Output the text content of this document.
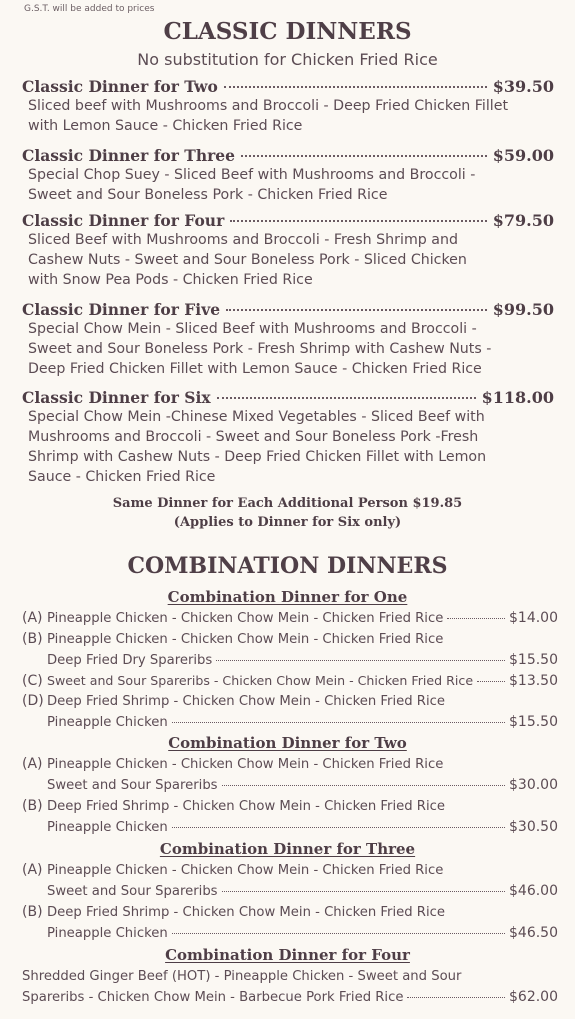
G.S.T. will be added to prices
CLASSIC DINNERS
No substitution for Chicken Fried Rice
Classic Dinner for Two	$39.50
Sliced beef with Mushrooms and Broccoli - Deep Fried Chicken Fillet
with Lemon Sauce - Chicken Fried Rice
Classic Dinner for Three	$59.00
Special Chop Suey - Sliced Beef with Mushrooms and Broccoli -
Sweet and Sour Boneless Pork - Chicken Fried Rice
Classic Dinner for Four	$79.50
Sliced Beef with Mushrooms and Broccoli - Fresh Shrimp and
Cashew Nuts - Sweet and Sour Boneless Pork - Sliced Chicken
with Snow Pea Pods - Chicken Fried Rice
Classic Dinner for Five	$99.50
Special Chow Mein - Sliced Beef with Mushrooms and Broccoli -
Sweet and Sour Boneless Pork - Fresh Shrimp with Cashew Nuts -
Deep Fried Chicken Fillet with Lemon Sauce - Chicken Fried Rice
Classic Dinner for Six	$118.00
Special Chow Mein -Chinese Mixed Vegetables - Sliced Beef with
Mushrooms and Broccoli - Sweet and Sour Boneless Pork -Fresh
Shrimp with Cashew Nuts - Deep Fried Chicken Fillet with Lemon
Sauce - Chicken Fried Rice
Same Dinner for Each Additional Person $19.85
(Applies to Dinner for Six only)
COMBINATION DINNERS
Combination Dinner for One
(A) Pineapple Chicken - Chicken Chow Mein - Chicken Fried Rice	$14.00
(B) Pineapple Chicken - Chicken Chow Mein - Chicken Fried Rice
Deep Fried Dry Spareribs	$15.50
(C) Sweet and Sour Spareribs - Chicken Chow Mein - Chicken Fried Rice	$13.50
(D) Deep Fried Shrimp - Chicken Chow Mein - Chicken Fried Rice
Pineapple Chicken	$15.50
Combination Dinner for Two
(A) Pineapple Chicken - Chicken Chow Mein - Chicken Fried Rice
Sweet and Sour Spareribs	$30.00
(B) Deep Fried Shrimp - Chicken Chow Mein - Chicken Fried Rice
Pineapple Chicken	$30.50
Combination Dinner for Three
(A) Pineapple Chicken - Chicken Chow Mein - Chicken Fried Rice
Sweet and Sour Spareribs	$46.00
(B) Deep Fried Shrimp - Chicken Chow Mein - Chicken Fried Rice
Pineapple Chicken	$46.50
Combination Dinner for Four
Shredded Ginger Beef (HOT) - Pineapple Chicken - Sweet and Sour
Spareribs - Chicken Chow Mein - Barbecue Pork Fried Rice	$62.00
